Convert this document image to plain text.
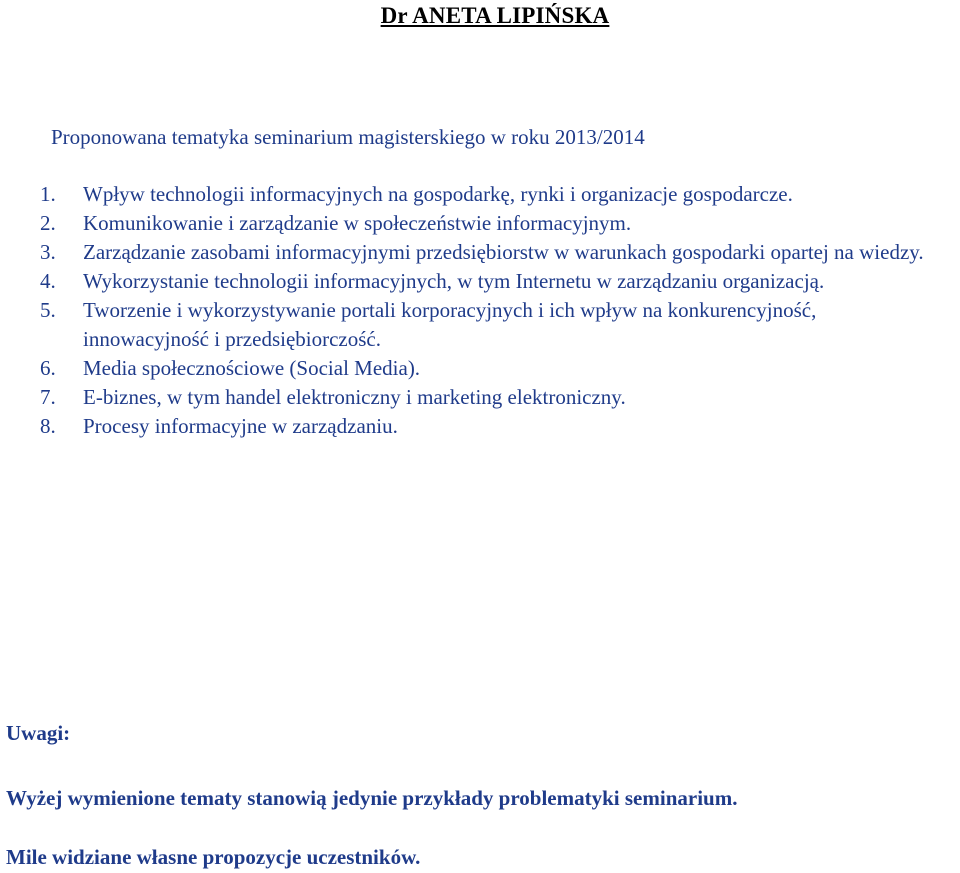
Dr ANETA LIPIŃSKA
Proponowana tematyka seminarium magisterskiego w roku 2013/2014
1. Wpływ technologii informacyjnych na gospodarkę, rynki i organizacje gospodarcze.
2. Komunikowanie i zarządzanie w społeczeństwie informacyjnym.
3. Zarządzanie zasobami informacyjnymi przedsiębiorstw w warunkach gospodarki opartej na wiedzy.
4. Wykorzystanie technologii informacyjnych, w tym Internetu w zarządzaniu organizacją.
5. Tworzenie i wykorzystywanie portali korporacyjnych i ich wpływ na konkurencyjność, innowacyjność i przedsiębiorczość.
6. Media społecznościowe (Social Media).
7. E-biznes, w tym handel elektroniczny i marketing elektroniczny.
8. Procesy informacyjne w zarządzaniu.
Uwagi:
Wyżej wymienione tematy stanowią jedynie przykłady problematyki seminarium.
Mile widziane własne propozycje uczestników.
